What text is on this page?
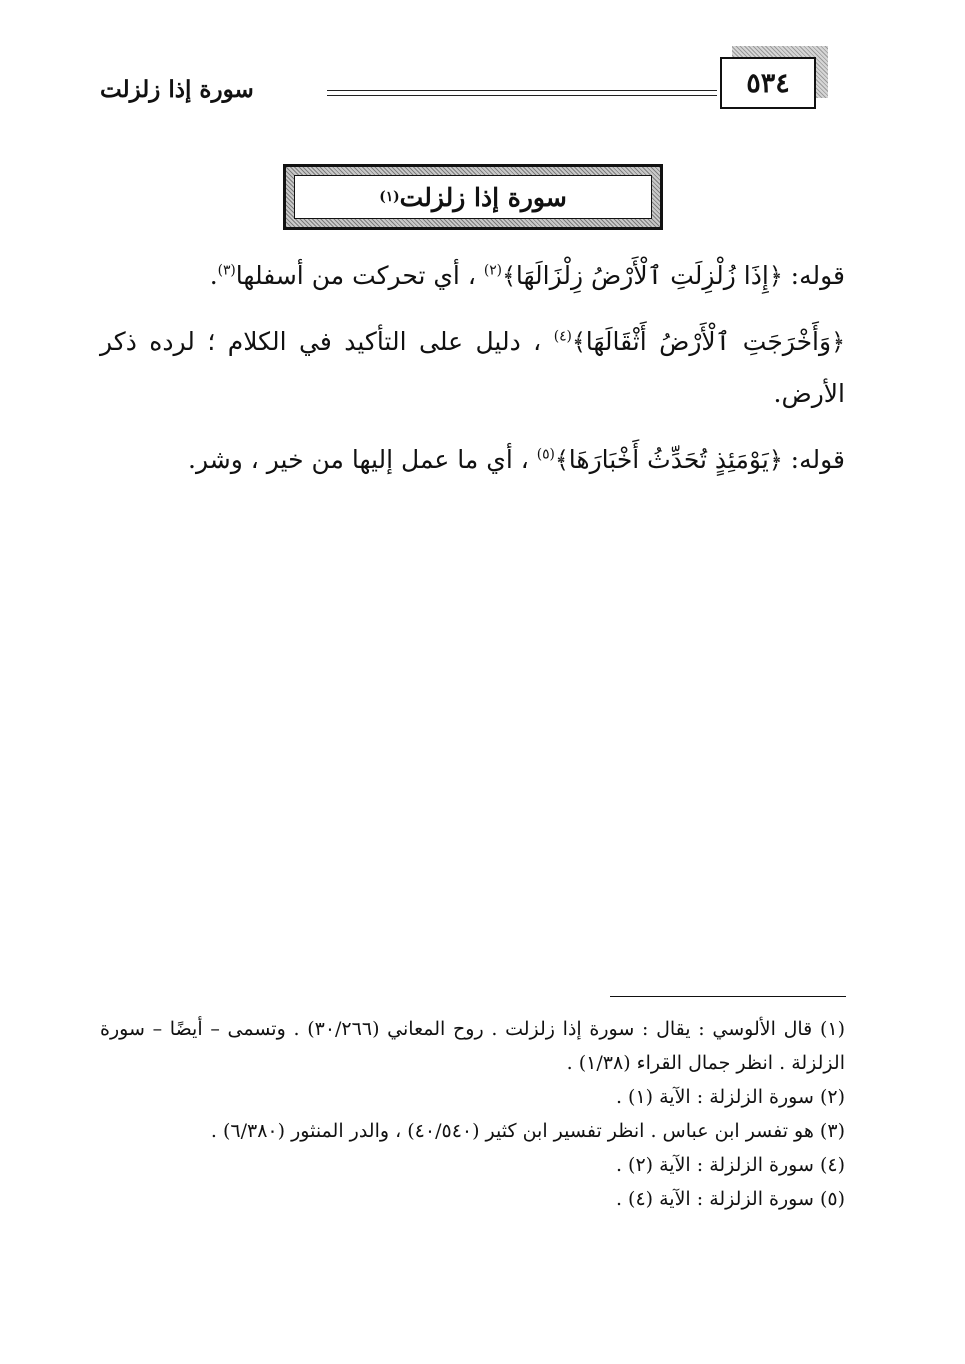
سورة إذا زلزلت	٥٣٤
سورة إذا زلزلت
(١)

قوله: ﴿إِذَا زُلْزِلَتِ ٱلْأَرْضُ زِلْزَالَهَا﴾$^{(٢)}$ ، أي تحركت من أسفلها$^{(٣)}$.

﴿وَأَخْرَجَتِ ٱلْأَرْضُ أَثْقَالَهَا﴾$^{(٤)}$ ، دليل على التأكيد في الكلام ؛ لرده ذكر الأرض.

قوله: ﴿يَوْمَئِذٍ تُحَدِّثُ أَخْبَارَهَا﴾$^{(٥)}$ ، أي ما عمل إليها من خير ، وشر.

(١) قال الألوسي : يقال : سورة إذا زلزلت . روح المعاني (٣٠/٢٦٦) . وتسمى – أيضًا – سورة الزلزلة . انظر جمال القراء (١/٣٨) .

(٢) سورة الزلزلة : الآية (١) .

(٣) هو تفسر ابن عباس . انظر تفسير ابن كثير (٤٠/٥٤٠) ، والدر المنثور (٦/٣٨٠) .

(٤) سورة الزلزلة : الآية (٢) .

(٥) سورة الزلزلة : الآية (٤) .
